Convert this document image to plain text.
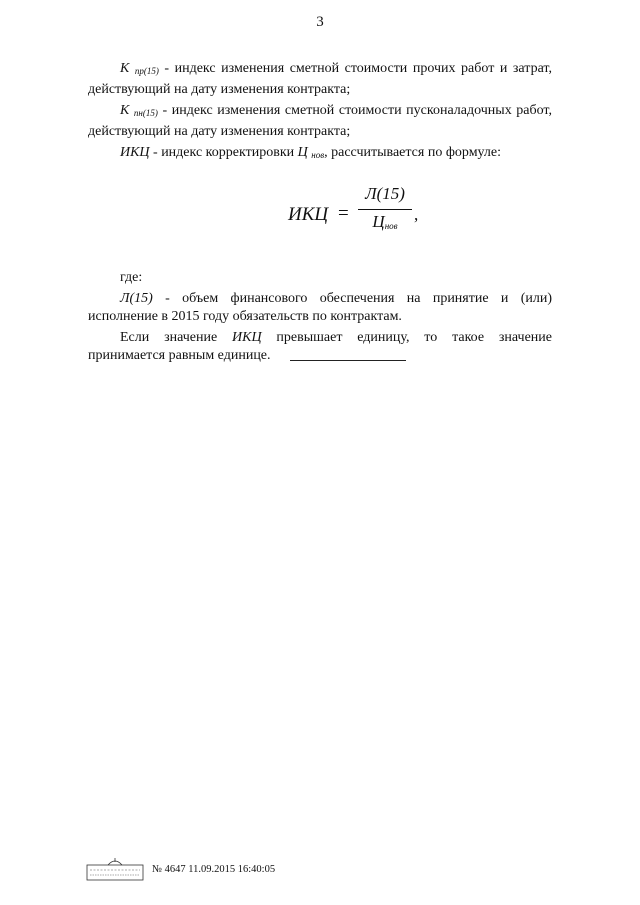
3

К $_{пр(15)}$ - индекс изменения сметной стоимости прочих работ и затрат, действующий на дату изменения контракта;

К $_{пн(15)}$ - индекс изменения сметной стоимости пусконаладочных работ, действующий на дату изменения контракта;

ИКЦ - индекс корректировки Ц $_{нов}$, рассчитывается по формуле:

ИКЦ =
Л(15)
$Ц_{нов}$
,

где:

Л(15) - объем финансового обеспечения на принятие и (или) исполнение в 2015 году обязательств по контрактам.

Если значение ИКЦ превышает единицу, то такое значение принимается равным единице.

№ 4647 11.09.2015 16:40:05
